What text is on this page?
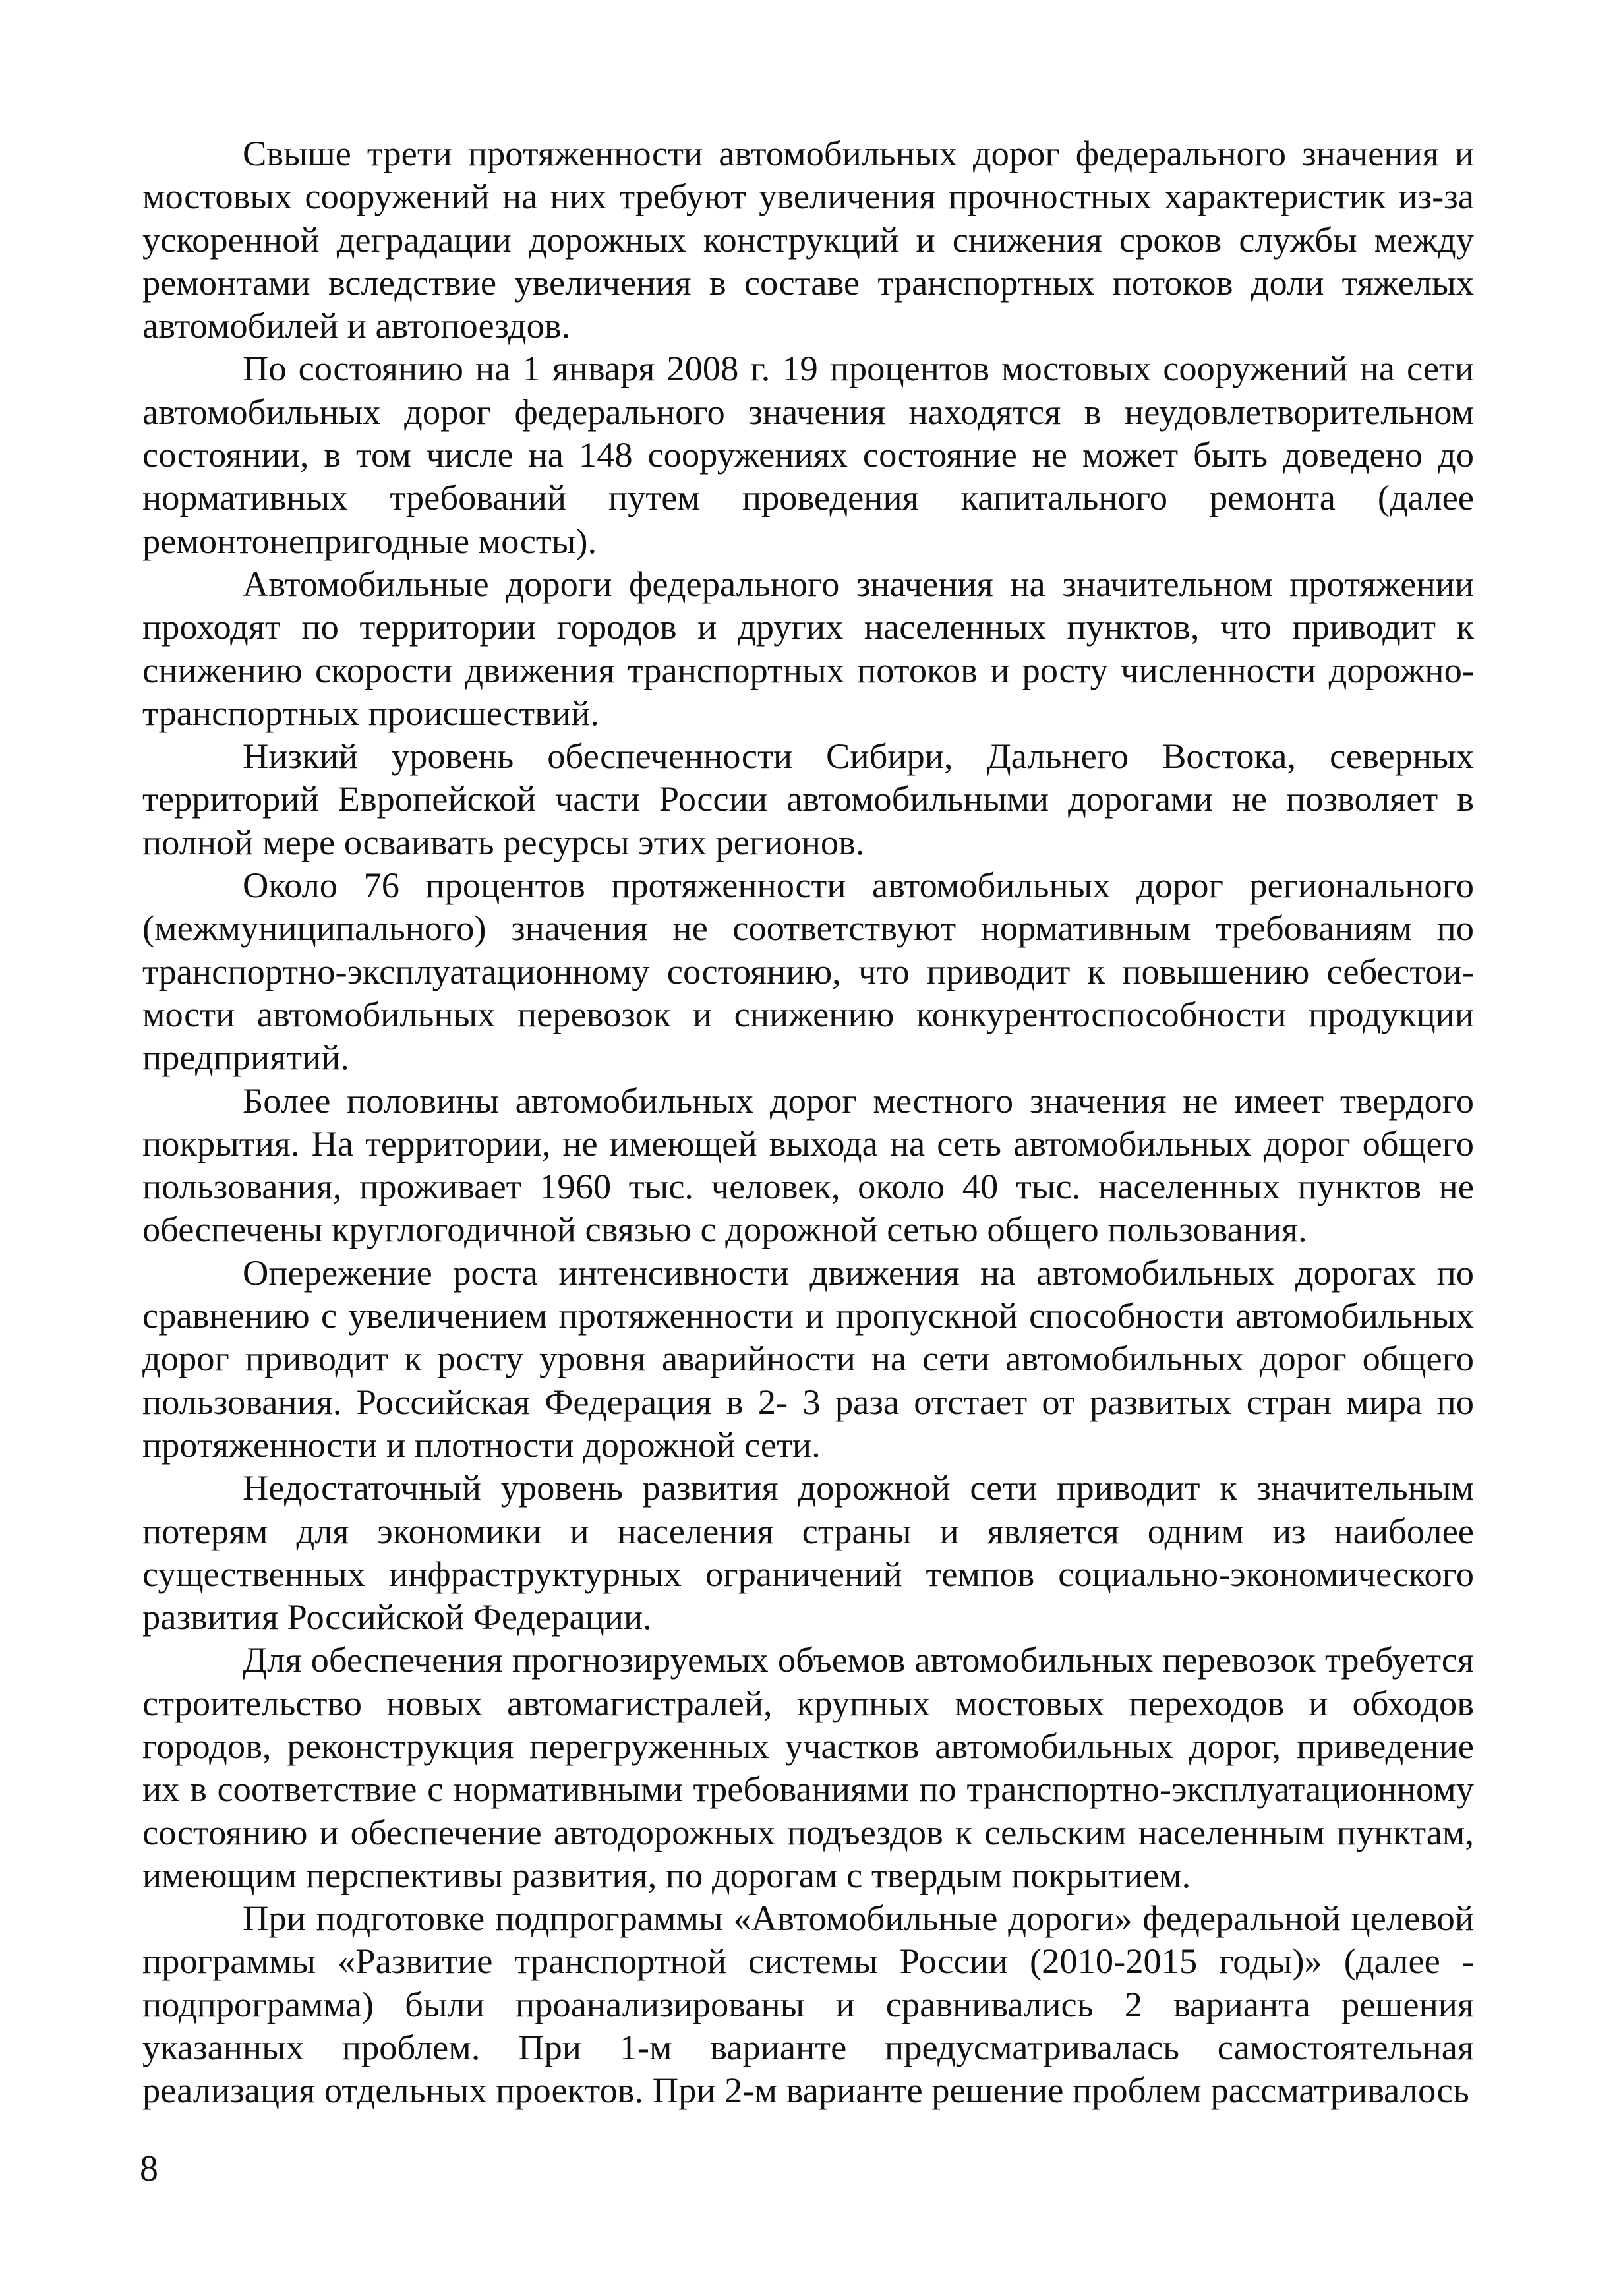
Свыше трети протяженности автомобильных дорог федерального значения и мостовых сооружений на них требуют увеличения прочностных характеристик из-за ускоренной деградации дорожных конструкций и снижения сроков службы между ремонтами вследствие увеличения в составе транспортных потоков доли тяжелых автомобилей и автопоездов.

По состоянию на 1 января 2008 г. 19 процентов мостовых сооружений на сети автомобильных дорог федерального значения находятся в неудовлетворительном состоянии, в том числе на 148 сооружениях состояние не может быть доведено до нормативных требований путем проведения капитального ремонта (далее ремонтонепригодные мосты).

Автомобильные дороги федерального значения на значительном протяжении проходят по территории городов и других населенных пунктов, что приводит к снижению скорости движения транспортных потоков и росту численности дорожно-транспортных происшествий.

Низкий уровень обеспеченности Сибири, Дальнего Востока, северных территорий Европейской части России автомобильными дорогами не позволяет в полной мере осваивать ресурсы этих регионов.

Около 76 процентов протяженности автомобильных дорог регионального (межмуниципального) значения не соответствуют нормативным требованиям по транспортно-эксплуатационному состоянию, что приводит к повышению себестоимости автомобильных перевозок и снижению конкурентоспособности продукции предприятий.

Более половины автомобильных дорог местного значения не имеет твердого покрытия. На территории, не имеющей выхода на сеть автомобильных дорог общего пользования, проживает 1960 тыс. человек, около 40 тыс. населенных пунктов не обеспечены круглогодичной связью с дорожной сетью общего пользования.

Опережение роста интенсивности движения на автомобильных дорогах по сравнению с увеличением протяженности и пропускной способности автомобильных дорог приводит к росту уровня аварийности на сети автомобильных дорог общего пользования. Российская Федерация в 2- 3 раза отстает от развитых стран мира по протяженности и плотности дорожной сети.

Недостаточный уровень развития дорожной сети приводит к значительным потерям для экономики и населения страны и является одним из наиболее существенных инфраструктурных ограничений темпов социально-экономического развития Российской Федерации.

Для обеспечения прогнозируемых объемов автомобильных перевозок требуется строительство новых автомагистралей, крупных мостовых переходов и обходов городов, реконструкция перегруженных участков автомобильных дорог, приведение их в соответствие с нормативными требованиями по транспортно-эксплуатационному состоянию и обеспечение автодорожных подъездов к сельским населенным пунктам, имеющим перспективы развития, по дорогам с твердым покрытием.

При подготовке подпрограммы «Автомобильные дороги» федеральной целевой программы «Развитие транспортной системы России (2010-2015 годы)» (далее - подпрограмма) были проанализированы и сравнивались 2 варианта решения указанных проблем. При 1-м варианте предусматривалась самостоятельная реализация отдельных проектов. При 2-м варианте решение проблем рассматривалось

8
